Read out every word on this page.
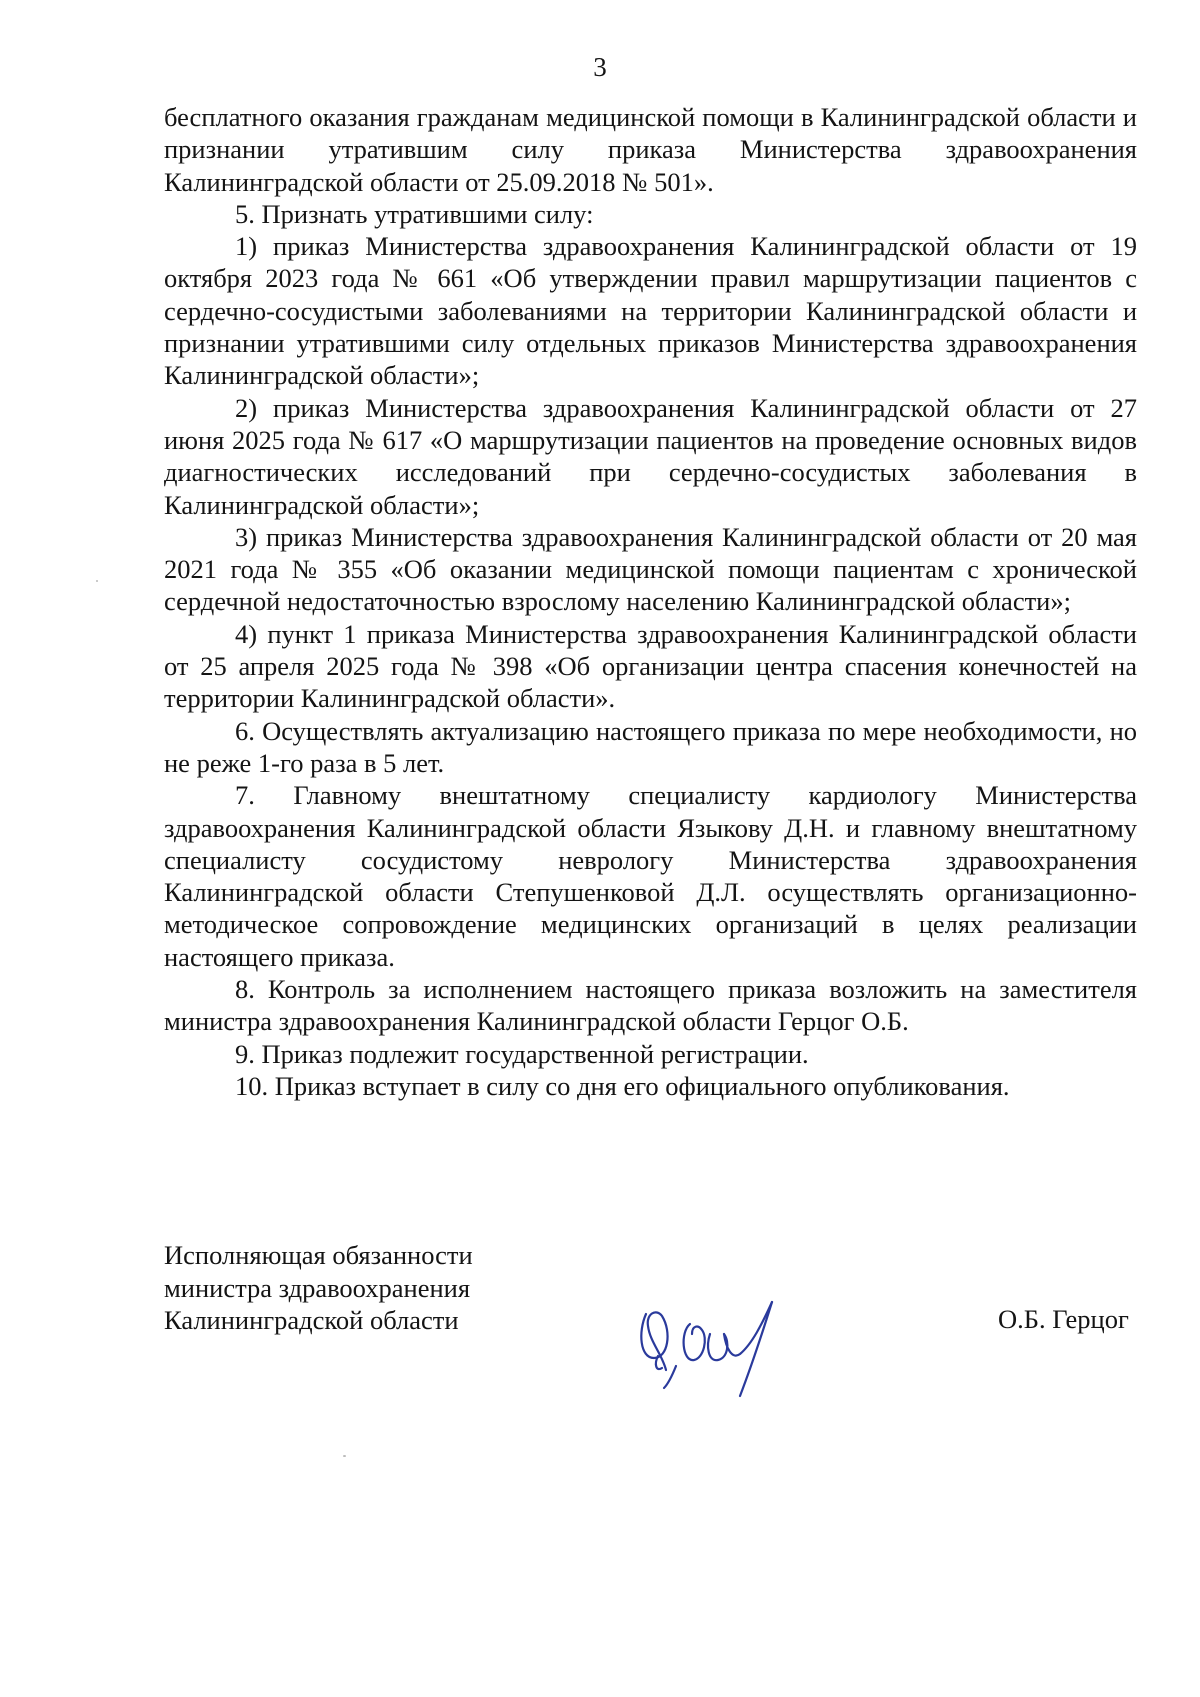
3

бесплатного оказания гражданам медицинской помощи в Калининградской области и признании утратившим силу приказа Министерства здравоохранения Калининградской области от 25.09.2018 № 501».

5. Признать утратившими силу:

1) приказ Министерства здравоохранения Калининградской области от 19 октября 2023 года № 661 «Об утверждении правил маршрутизации пациентов с сердечно-сосудистыми заболеваниями на территории Калининградской области и признании утратившими силу отдельных приказов Министерства здравоохранения Калининградской области»;

2) приказ Министерства здравоохранения Калининградской области от 27 июня 2025 года № 617 «О маршрутизации пациентов на проведение основных видов диагностических исследований при сердечно-сосудистых заболевания в Калининградской области»;

3) приказ Министерства здравоохранения Калининградской области от 20 мая 2021 года № 355 «Об оказании медицинской помощи пациентам с хронической сердечной недостаточностью взрослому населению Калининградской области»;

4) пункт 1 приказа Министерства здравоохранения Калининградской области от 25 апреля 2025 года № 398 «Об организации центра спасения конечностей на территории Калининградской области».

6. Осуществлять актуализацию настоящего приказа по мере необходимости, но не реже 1-го раза в 5 лет.

7. Главному внештатному специалисту кардиологу Министерства здравоохранения Калининградской области Языкову Д.Н. и главному внештатному специалисту сосудистому неврологу Министерства здравоохранения Калининградской области Степушенковой Д.Л. осуществлять организационно-методическое сопровождение медицинских организаций в целях реализации настоящего приказа.

8. Контроль за исполнением настоящего приказа возложить на заместителя министра здравоохранения Калининградской области Герцог О.Б.

9. Приказ подлежит государственной регистрации.

10. Приказ вступает в силу со дня его официального опубликования.

Исполняющая обязанности
министра здравоохранения
Калининградской области	О.Б. Герцог
